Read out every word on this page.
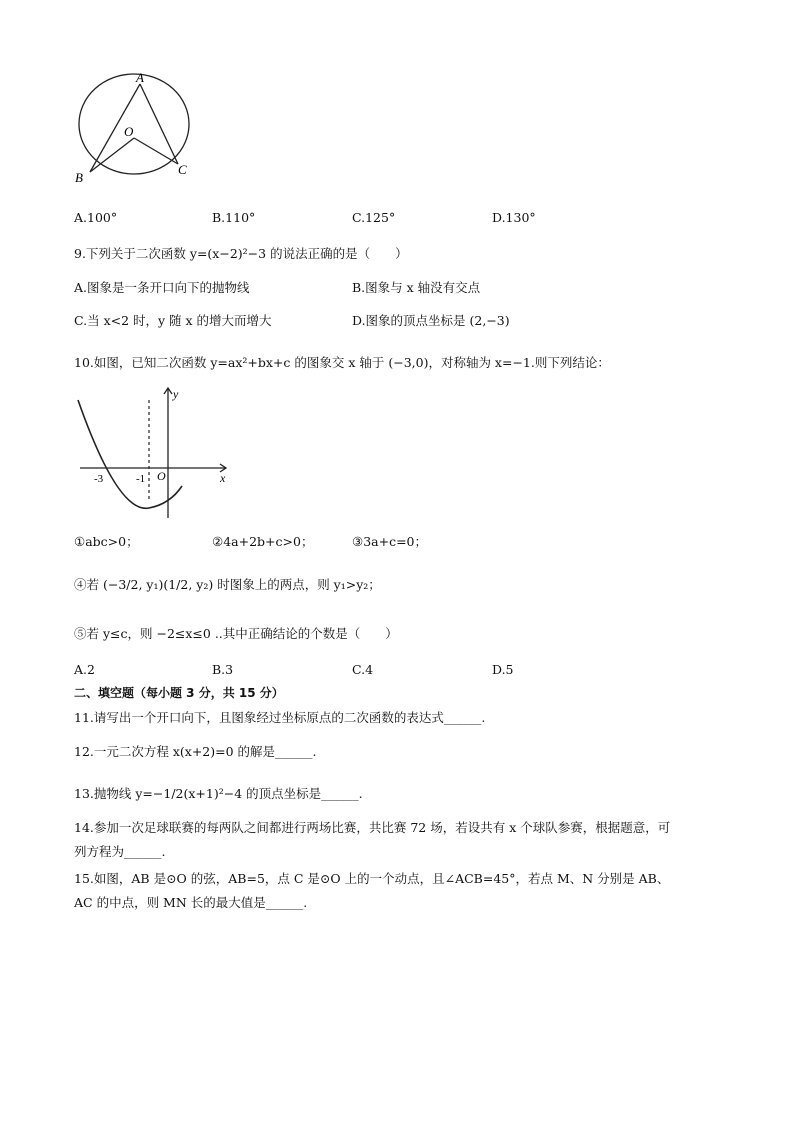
A
O
B
C
A.100°	B.110°	C.125°	D.130°
9.下列关于二次函数 y=(x−2)²−3 的说法正确的是（　　）
A.图象是一条开口向下的抛物线	B.图象与 x 轴没有交点
C.当 x<2 时，y 随 x 的增大而增大	D.图象的顶点坐标是 (2,−3)
10.如图，已知二次函数 y=ax²+bx+c 的图象交 x 轴于 (−3,0)，对称轴为 x=−1.则下列结论：
y
x
-3	-1 O
①abc>0；	②4a+2b+c>0；	③3a+c=0；
④若 (−3/2, y₁)(1/2, y₂) 时图象上的两点，则 y₁>y₂；
⑤若 y≤c，则 −2≤x≤0 ..其中正确结论的个数是（　　）
A.2	B.3	C.4	D.5
二、填空题（每小题 3 分，共 15 分）
11.请写出一个开口向下，且图象经过坐标原点的二次函数的表达式______.
12.一元二次方程 x(x+2)=0 的解是______.
13.抛物线 y=−1/2(x+1)²−4 的顶点坐标是______.
14.参加一次足球联赛的每两队之间都进行两场比赛，共比赛 72 场，若设共有 x 个球队参赛，根据题意，可
列方程为______.
15.如图，AB 是⊙O 的弦，AB=5，点 C 是⊙O 上的一个动点，且∠ACB=45°，若点 M、N 分别是 AB、
AC 的中点，则 MN 长的最大值是______.
